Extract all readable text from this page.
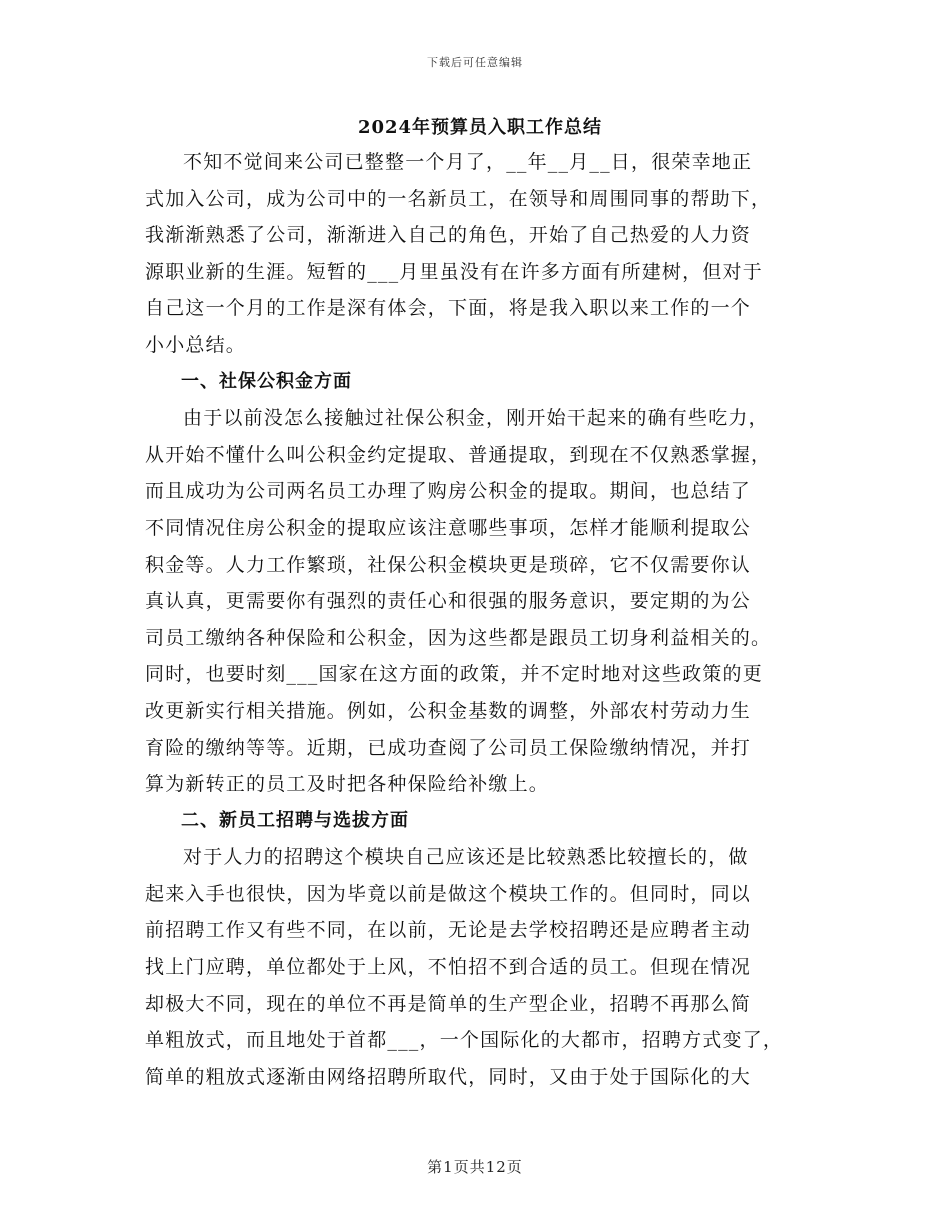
下载后可任意编辑
2024年预算员入职工作总结

不知不觉间来公司已整整一个月了，__年__月__日，很荣幸地正
式加入公司，成为公司中的一名新员工，在领导和周围同事的帮助下，
我渐渐熟悉了公司，渐渐进入自己的角色，开始了自己热爱的人力资
源职业新的生涯。短暂的___月里虽没有在许多方面有所建树，但对于
自己这一个月的工作是深有体会，下面，将是我入职以来工作的一个
小小总结。

一、社保公积金方面

由于以前没怎么接触过社保公积金，刚开始干起来的确有些吃力，
从开始不懂什么叫公积金约定提取、普通提取，到现在不仅熟悉掌握，
而且成功为公司两名员工办理了购房公积金的提取。期间，也总结了
不同情况住房公积金的提取应该注意哪些事项，怎样才能顺利提取公
积金等。人力工作繁琐，社保公积金模块更是琐碎，它不仅需要你认
真认真，更需要你有强烈的责任心和很强的服务意识，要定期的为公
司员工缴纳各种保险和公积金，因为这些都是跟员工切身利益相关的。
同时，也要时刻___国家在这方面的政策，并不定时地对这些政策的更
改更新实行相关措施。例如，公积金基数的调整，外部农村劳动力生
育险的缴纳等等。近期，已成功查阅了公司员工保险缴纳情况，并打
算为新转正的员工及时把各种保险给补缴上。

二、新员工招聘与选拔方面

对于人力的招聘这个模块自己应该还是比较熟悉比较擅长的，做
起来入手也很快，因为毕竟以前是做这个模块工作的。但同时，同以
前招聘工作又有些不同，在以前，无论是去学校招聘还是应聘者主动
找上门应聘，单位都处于上风，不怕招不到合适的员工。但现在情况
却极大不同，现在的单位不再是简单的生产型企业，招聘不再那么简
单粗放式，而且地处于首都___，一个国际化的大都市，招聘方式变了，
简单的粗放式逐渐由网络招聘所取代，同时，又由于处于国际化的大

第1页共12页
